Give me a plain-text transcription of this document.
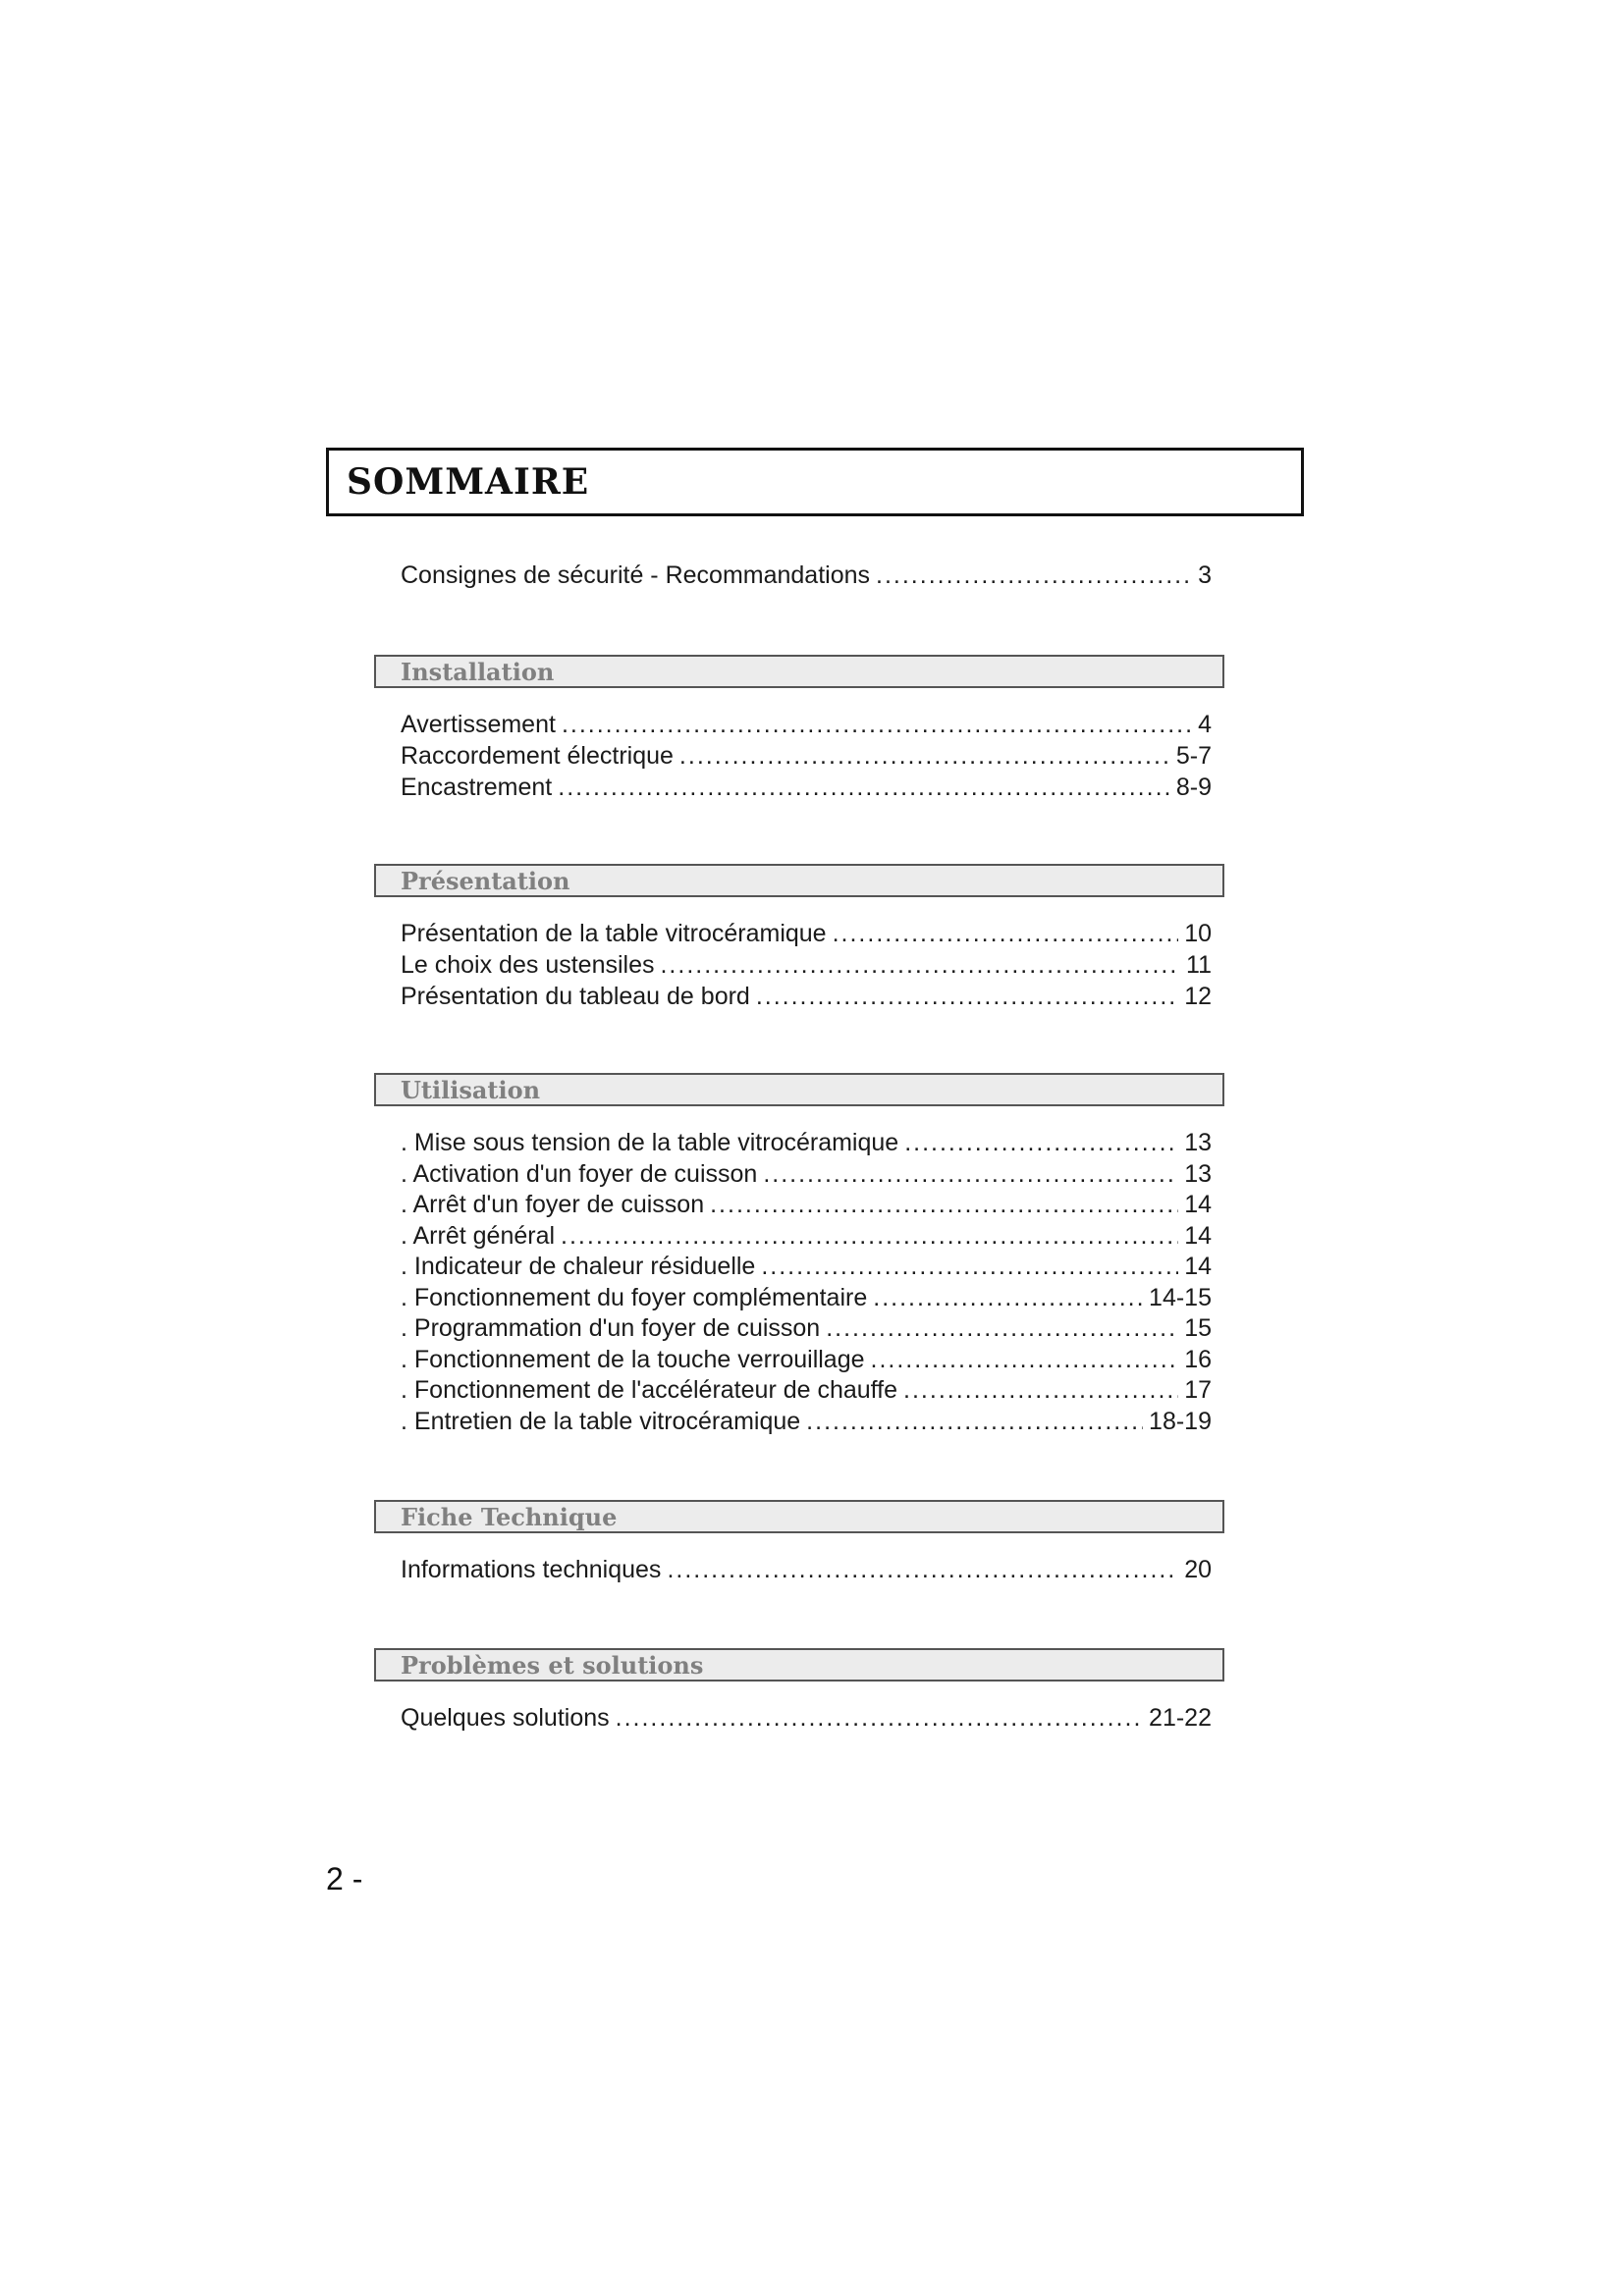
SOMMAIRE
Consignes de sécurité - Recommandations .....	3
Installation
Avertissement .....	4
Raccordement électrique .....	5-7
Encastrement .....	8-9
Présentation
Présentation de la table vitrocéramique .....	10
Le choix des ustensiles .....	11
Présentation du tableau de bord .....	12
Utilisation
. Mise sous tension de la table vitrocéramique .....	13
. Activation d'un foyer de cuisson .....	13
. Arrêt d'un foyer de cuisson .....	14
. Arrêt général .....	14
. Indicateur de chaleur résiduelle .....	14
. Fonctionnement du foyer complémentaire .....	14-15
. Programmation d'un foyer de cuisson .....	15
. Fonctionnement de la touche verrouillage .....	16
. Fonctionnement de l'accélérateur de chauffe .....	17
. Entretien de la table vitrocéramique .....	18-19
Fiche Technique
Informations techniques .....	20
Problèmes et solutions
Quelques solutions .....	21-22
2 -
